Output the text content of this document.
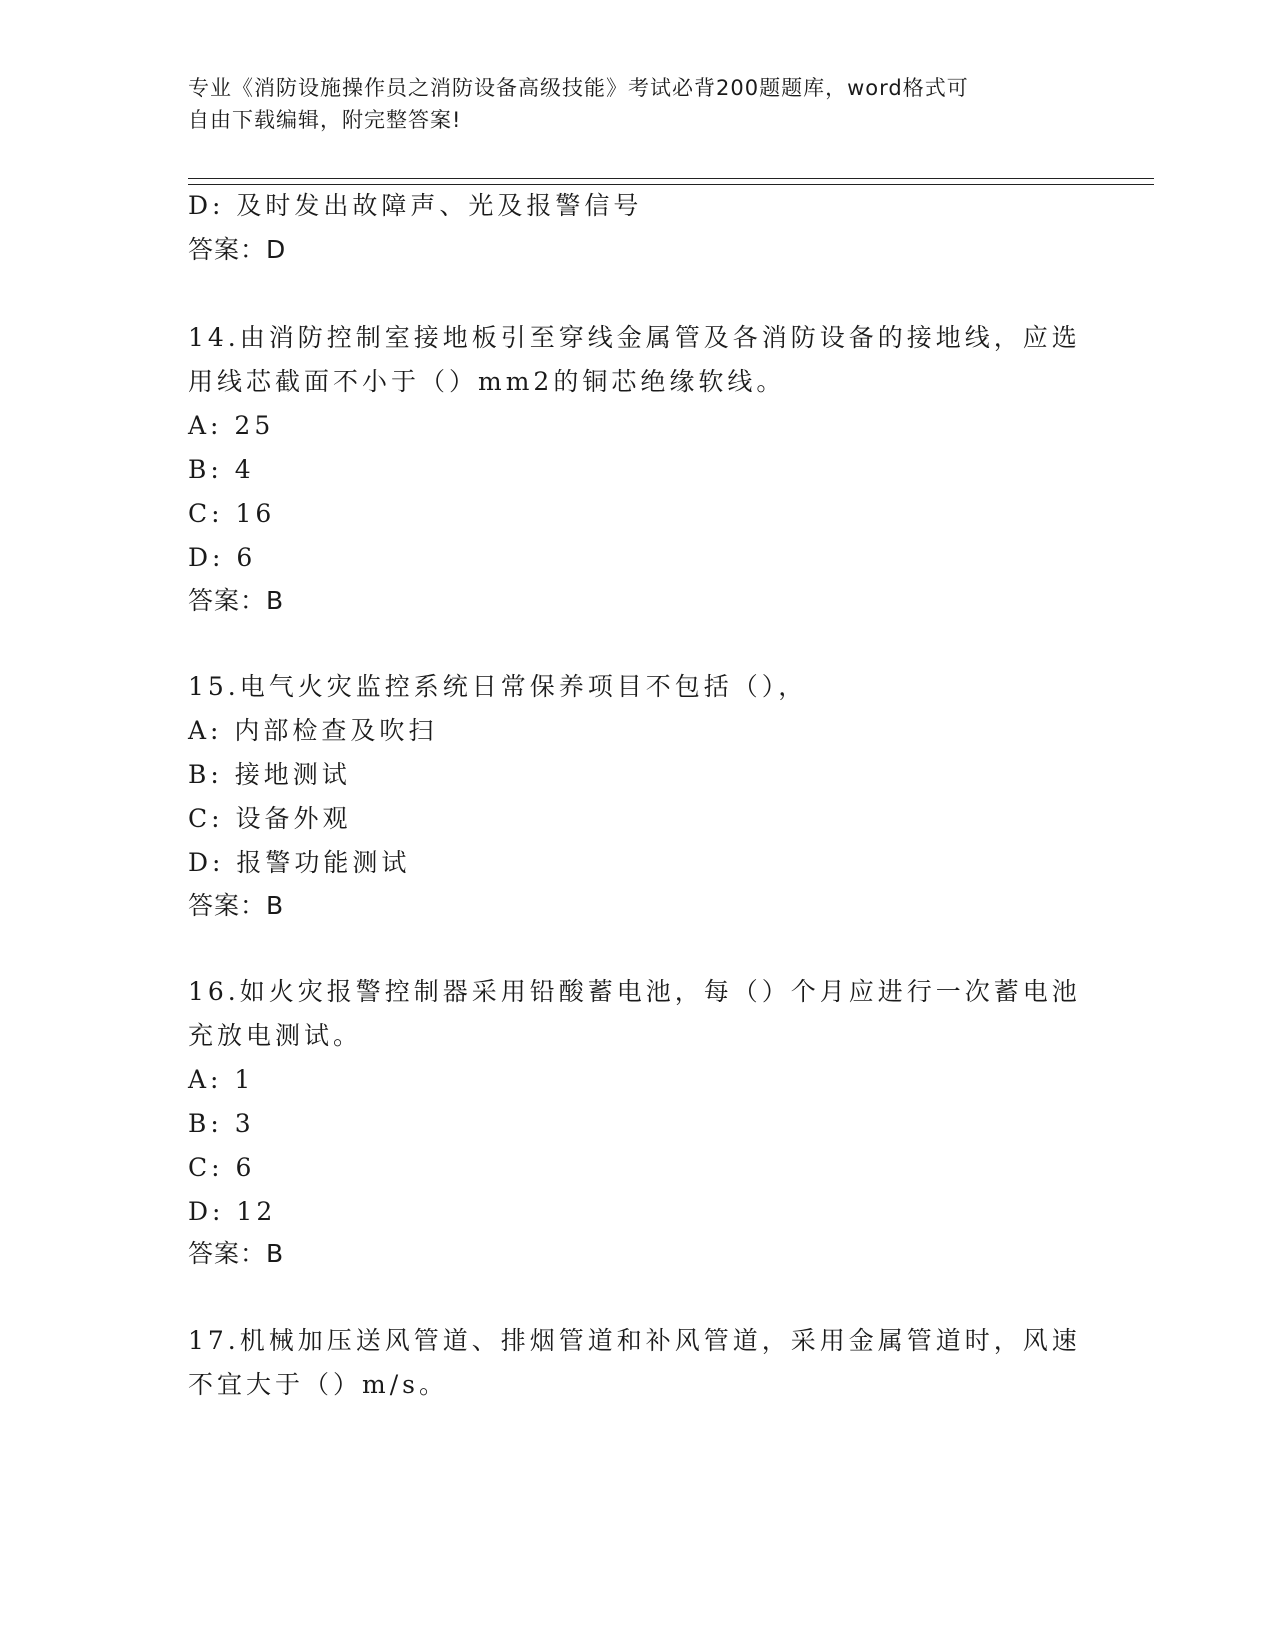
专业《消防设施操作员之消防设备高级技能》考试必背200题题库，word格式可
自由下载编辑，附完整答案!
D: 及时发出故障声、光及报警信号
答案：D
14.由消防控制室接地板引至穿线金属管及各消防设备的接地线，应选
用线芯截面不小于（）mm2的铜芯绝缘软线。
A: 25
B: 4
C: 16
D: 6
答案：B
15.电气火灾监控系统日常保养项目不包括（），
A: 内部检查及吹扫
B: 接地测试
C: 设备外观
D: 报警功能测试
答案：B
16.如火灾报警控制器采用铅酸蓄电池，每（）个月应进行一次蓄电池
充放电测试。
A: 1
B: 3
C: 6
D: 12
答案：B
17.机械加压送风管道、排烟管道和补风管道，采用金属管道时，风速
不宜大于（）m/s。
